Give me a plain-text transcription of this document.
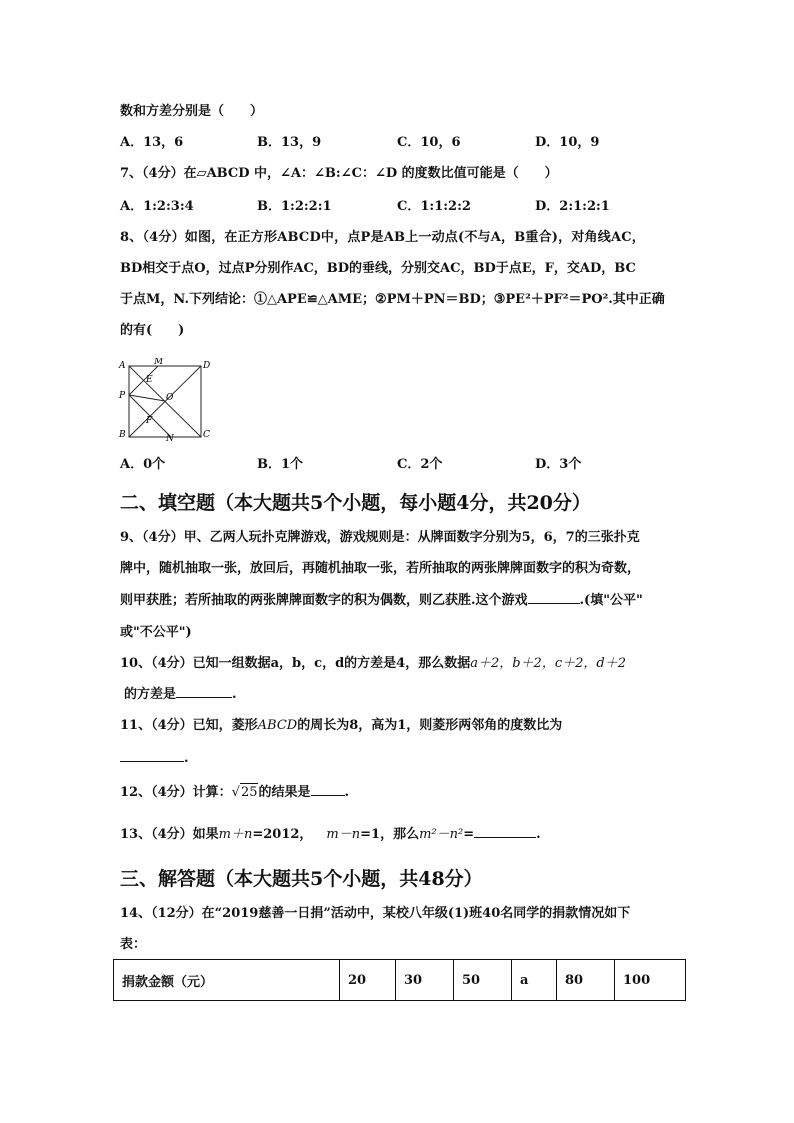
数和方差分别是（　　）
A．13，6	B．13，9	C．10，6	D．10，9
7、（4分）在▱ABCD 中，∠A：∠B:∠C：∠D 的度数比值可能是（　　）
A．1:2:3:4	B．1:2:2:1	C．1:1:2:2	D．2:1:2:1
8、（4分）如图，在正方形ABCD中，点P是AB上一动点(不与A，B重合)，对角线AC，
BD相交于点O，过点P分别作AC，BD的垂线，分别交AC，BD于点E，F，交AD，BC
于点M，N.下列结论：①△APE≌△AME；②PM＋PN＝BD；③PE²＋PF²＝PO².其中正确
的有(　　)
A	M	D
E
P	O
F
B	N	C
A．0个	B．1个	C．2个	D．3个
二、填空题（本大题共5个小题，每小题4分，共20分）
9、（4分）甲、乙两人玩扑克牌游戏，游戏规则是：从牌面数字分别为5，6，7的三张扑克
牌中，随机抽取一张，放回后，再随机抽取一张，若所抽取的两张牌牌面数字的积为奇数，
则甲获胜；若所抽取的两张牌牌面数字的积为偶数，则乙获胜.这个游戏	.(填"公平"
或"不公平")
10、（4分）已知一组数据a，b，c，d的方差是4，那么数据a＋2，b＋2，c＋2，d＋2
的方差是	.
11、（4分）已知，菱形ABCD的周长为8，高为1，则菱形两邻角的度数比为
.
12、（4分）计算：√25的结果是	.
13、（4分）如果m＋n=2012， m－n=1，那么m²－n²=	.
三、解答题（本大题共5个小题，共48分）
14、（12分）在“2019慈善一日捐”活动中，某校八年级(1)班40名同学的捐款情况如下
表：
捐款金额（元）	20	30	50	a	80	100
